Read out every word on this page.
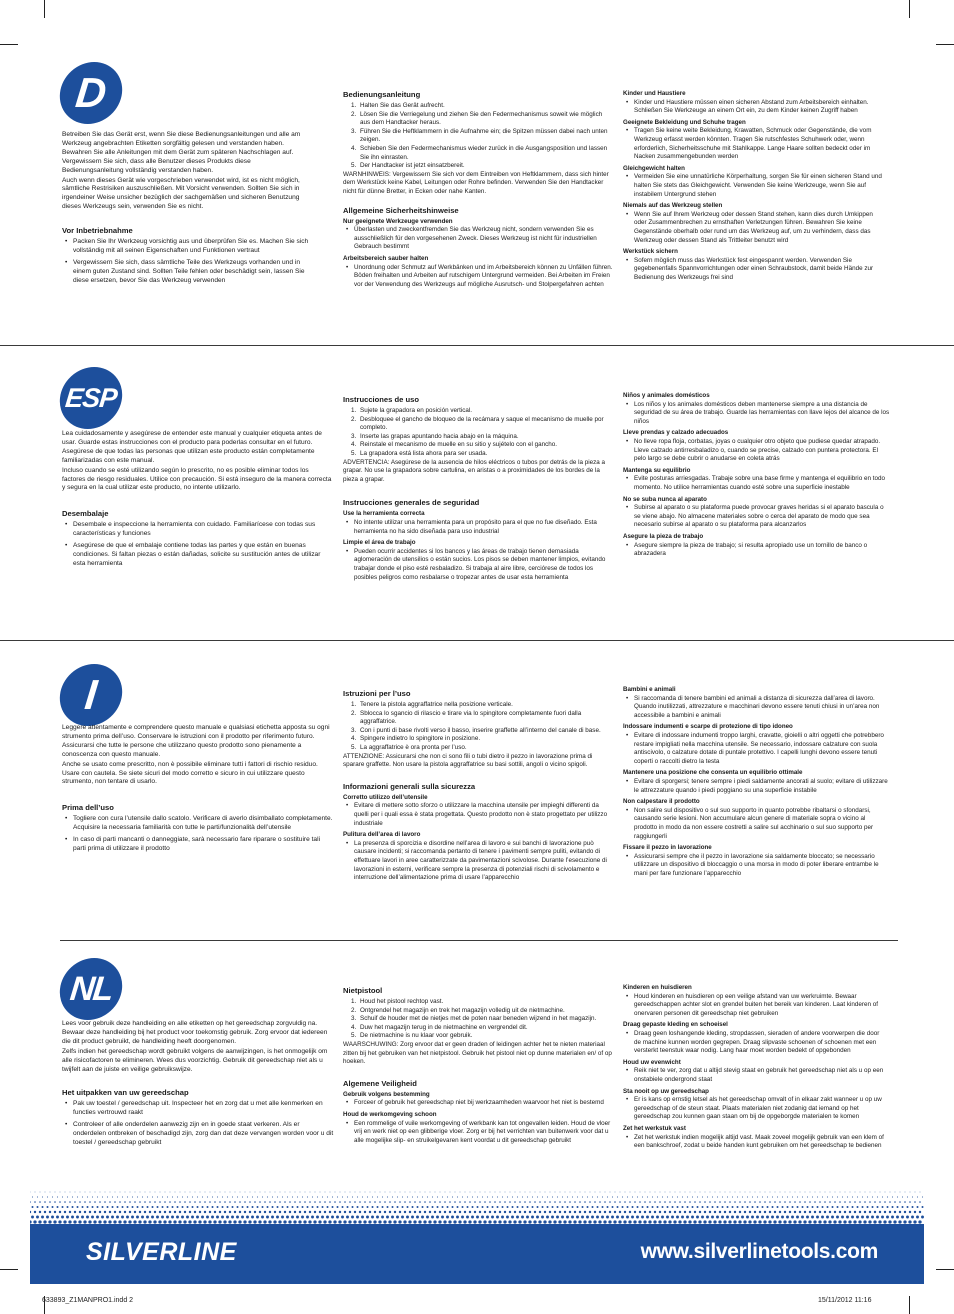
D

Betreiben Sie das Gerät erst, wenn Sie diese Bedienungsanleitungen und alle am Werkzeug angebrachten Etiketten sorgfältig gelesen und verstanden haben. Bewahren Sie alle Anleitungen mit dem Gerät zum späteren Nachschlagen auf. Vergewissern Sie sich, dass alle Benutzer dieses Produkts diese Bedienungsanleitung vollständig verstanden haben.

Auch wenn dieses Gerät wie vorgeschrieben verwendet wird, ist es nicht möglich, sämtliche Restrisiken auszuschließen. Mit Vorsicht verwenden. Sollten Sie sich in irgendeiner Weise unsicher bezüglich der sachgemäßen und sicheren Benutzung dieses Werkzeugs sein, verwenden Sie es nicht.

Vor Inbetriebnahme
• Packen Sie Ihr Werkzeug vorsichtig aus und überprüfen Sie es. Machen Sie sich vollständig mit all seinen Eigenschaften und Funktionen vertraut
• Vergewissern Sie sich, dass sämtliche Teile des Werkzeugs vorhanden und in einem guten Zustand sind. Sollten Teile fehlen oder beschädigt sein, lassen Sie diese ersetzen, bevor Sie das Werkzeug verwenden
Bedienungsanleitung
1. Halten Sie das Gerät aufrecht.
2. Lösen Sie die Verriegelung und ziehen Sie den Federmechanismus soweit wie möglich aus dem Handtacker heraus.
3. Führen Sie die Heftklammern in die Aufnahme ein; die Spitzen müssen dabei nach unten zeigen.
4. Schieben Sie den Federmechanismus wieder zurück in die Ausgangsposition und lassen Sie ihn einrasten.
5. Der Handtacker ist jetzt einsatzbereit.

WARNHINWEIS: Vergewissern Sie sich vor dem Eintreiben von Heftklammern, dass sich hinter dem Werkstück keine Kabel, Leitungen oder Rohre befinden. Verwenden Sie den Handtacker nicht für dünne Bretter, in Ecken oder nahe Kanten.

Allgemeine Sicherheitshinweise
Nur geeignete Werkzeuge verwenden
• Überlasten und zweckentfremden Sie das Werkzeug nicht, sondern verwenden Sie es ausschließlich für den vorgesehenen Zweck. Dieses Werkzeug ist nicht für industriellen Gebrauch bestimmt
Arbeitsbereich sauber halten
• Unordnung oder Schmutz auf Werkbänken und im Arbeitsbereich können zu Unfällen führen. Böden freihalten und Arbeiten auf rutschigem Untergrund vermeiden. Bei Arbeiten im Freien vor der Verwendung des Werkzeugs auf mögliche Ausrutsch- und Stolpergefahren achten
Kinder und Haustiere
• Kinder und Haustiere müssen einen sicheren Abstand zum Arbeitsbereich einhalten. Schließen Sie Werkzeuge an einem Ort ein, zu dem Kinder keinen Zugriff haben
Geeignete Bekleidung und Schuhe tragen
• Tragen Sie keine weite Bekleidung, Krawatten, Schmuck oder Gegenstände, die vom Werkzeug erfasst werden könnten. Tragen Sie rutschfestes Schuhwerk oder, wenn erforderlich, Sicherheitsschuhe mit Stahlkappe. Lange Haare sollten bedeckt oder im Nacken zusammengebunden werden
Gleichgewicht halten
• Vermeiden Sie eine unnatürliche Körperhaltung, sorgen Sie für einen sicheren Stand und halten Sie stets das Gleichgewicht. Verwenden Sie keine Werkzeuge, wenn Sie auf instabilem Untergrund stehen
Niemals auf das Werkzeug stellen
• Wenn Sie auf Ihrem Werkzeug oder dessen Stand stehen, kann dies durch Umkippen oder Zusammenbrechen zu ernsthaften Verletzungen führen. Bewahren Sie keine Gegenstände oberhalb oder rund um das Werkzeug auf, um zu verhindern, dass das Werkzeug oder dessen Stand als Trittleiter benutzt wird
Werkstück sichern
• Sofern möglich muss das Werkstück fest eingespannt werden. Verwenden Sie gegebenenfalls Spannvorrichtungen oder einen Schraubstock, damit beide Hände zur Bedienung des Werkzeugs frei sind
ESP

Lea cuidadosamente y asegúrese de entender este manual y cualquier etiqueta antes de usar. Guarde estas instrucciones con el producto para poderlas consultar en el futuro. Asegúrese de que todas las personas que utilizan este producto están completamente familiarizadas con este manual.

Incluso cuando se esté utilizando según lo prescrito, no es posible eliminar todos los factores de riesgo residuales. Utilice con precaución. Si está inseguro de la manera correcta y segura en la cual utilizar este producto, no intente utilizarlo.

Desembalaje
• Desembale e inspeccione la herramienta con cuidado. Familiarícese con todas sus características y funciones
• Asegúrese de que el embalaje contiene todas las partes y que están en buenas condiciones. Si faltan piezas o están dañadas, solicite su sustitución antes de utilizar esta herramienta
Instrucciones de uso
1. Sujete la grapadora en posición vertical.
2. Desbloquee el gancho de bloqueo de la recámara y saque el mecanismo de muelle por completo.
3. Inserte las grapas apuntando hacia abajo en la máquina.
4. Reinstale el mecanismo de muelle en su sitio y sujételo con el gancho.
5. La grapadora está lista ahora para ser usada.

ADVERTENCIA: Asegúrese de la ausencia de hilos eléctricos o tubos por detrás de la pieza a grapar. No use la grapadora sobre cartulina, en aristas o a proximidades de los bordes de la pieza a grapar.

Instrucciones generales de seguridad
Use la herramienta correcta
• No intente utilizar una herramienta para un propósito para el que no fue diseñado. Esta herramienta no ha sido diseñada para uso industrial
Limpie el área de trabajo
• Pueden ocurrir accidentes si los bancos y las áreas de trabajo tienen demasiada aglomeración de utensilios o están sucios. Los pisos se deben mantener limpios, evitando trabajar donde el piso esté resbaladizo. Si trabaja al aire libre, cerciórese de todos los posibles peligros como resbalarse o tropezar antes de usar esta herramienta
Niños y animales domésticos
• Los niños y los animales domésticos deben mantenerse siempre a una distancia de seguridad de su área de trabajo. Guarde las herramientas con llave lejos del alcance de los niños
Lleve prendas y calzado adecuados
• No lleve ropa floja, corbatas, joyas o cualquier otro objeto que pudiese quedar atrapado. Lleve calzado antirresbaladizo o, cuando se precise, calzado con puntera protectora. El pelo largo se debe cubrir o anudarse en coleta atrás
Mantenga su equilibrio
• Evite posturas arriesgadas. Trabaje sobre una base firme y mantenga el equilibrio en todo momento. No utilice herramientas cuando esté sobre una superficie inestable
No se suba nunca al aparato
• Subirse al aparato o su plataforma puede provocar graves heridas si el aparato bascula o se viene abajo. No almacene materiales sobre o cerca del aparato de modo que sea necesario subirse al aparato o su plataforma para alcanzarlos
Asegure la pieza de trabajo
• Asegure siempre la pieza de trabajo; si resulta apropiado use un tornillo de banco o abrazadera
I

Leggere attentamente e comprendere questo manuale e qualsiasi etichetta apposta su ogni strumento prima dell’uso. Conservare le istruzioni con il prodotto per riferimento futuro. Assicurarsi che tutte le persone che utilizzano questo prodotto sono pienamente a conoscenza con questo manuale.

Anche se usato come prescritto, non è possibile eliminare tutti i fattori di rischio residuo. Usare con cautela. Se siete sicuri del modo corretto e sicuro in cui utilizzare questo strumento, non tentare di usarlo.

Prima dell’uso
• Togliere con cura l’utensile dallo scatolo. Verificare di averlo disimballato completamente. Acquisire la necessaria familiarità con tutte le parti/funzionalità dell’utensile
• In caso di parti mancanti o danneggiate, sarà necessario fare riparare o sostituire tali parti prima di utilizzare il prodotto
Istruzioni per l’uso
1. Tenere la pistola aggraffatrice nella posizione verticale.
2. Sblocca lo sgancio di rilascio e tirare via lo spingitore completamente fuori dalla aggraffatrice.
3. Con i punti di base rivolti verso il basso, inserire graffette all’interno del canale di base.
4. Spingere indietro lo spingitore in posizione.
5. La aggraffatrice è ora pronta per l’uso.

ATTENZIONE: Assicurarsi che non ci sono fili o tubi dietro il pezzo in lavorazione prima di sparare graffette. Non usare la pistola aggraffatrice su basi sottili, angoli o vicino spigoli.

Informazioni generali sulla sicurezza
Corretto utilizzo dell’utensile
• Evitare di mettere sotto sforzo o utilizzare la macchina utensile per impieghi differenti da quelli per i quali essa è stata progettata. Questo prodotto non è stato progettato per utilizzo industriale
Pulitura dell’area di lavoro
• La presenza di sporcizia e disordine nell’area di lavoro e sui banchi di lavorazione può causare incidenti; si raccomanda pertanto di tenere i pavimenti sempre puliti, evitando di effettuare lavori in aree caratterizzate da pavimentazioni scivolose. Durante l’esecuzione di lavorazioni in esterni, verificare sempre la presenza di potenziali rischi di scivolamento e interruzione dell’alimentazione prima di usare l’apparecchio
Bambini e animali
• Si raccomanda di tenere bambini ed animali a distanza di sicurezza dall’area di lavoro. Quando inutilizzati, attrezzature e macchinari devono essere tenuti chiusi in un’area non accessibile a bambini e animali
Indossare indumenti e scarpe di protezione di tipo idoneo
• Evitare di indossare indumenti troppo larghi, cravatte, gioielli o altri oggetti che potrebbero restare impigliati nella macchina utensile. Se necessario, indossare calzature con suola antiscivolo, o calzature dotate di puntale protettivo. I capelli lunghi devono essere tenuti coperti o raccolti dietro la testa
Mantenere una posizione che consenta un equilibrio ottimale
• Evitare di sporgersi; tenere sempre i piedi saldamente ancorati al suolo; evitare di utilizzare le attrezzature quando i piedi poggiano su una superficie instabile
Non calpestare il prodotto
• Non salire sul dispositivo o sul suo supporto in quanto potrebbe ribaltarsi o sfondarsi, causando serie lesioni. Non accumulare alcun genere di materiale sopra o vicino al prodotto in modo da non essere costretti a salire sul acchinario o sul suo supporto per raggiungerli
Fissare il pezzo in lavorazione
• Assicurarsi sempre che il pezzo in lavorazione sia saldamente bloccato; se necessario utilizzare un dispositivo di bloccaggio o una morsa in modo di poter liberare entrambe le mani per fare funzionare l’apparecchio
NL

Lees voor gebruik deze handleiding en alle etiketten op het gereedschap zorgvuldig na. Bewaar deze handleiding bij het product voor toekomstig gebruik. Zorg ervoor dat iedereen die dit product gebruikt, de handleiding heeft doorgenomen.

Zelfs indien het gereedschap wordt gebruikt volgens de aanwijzingen, is het onmogelijk om alle risicofactoren te elimineren. Wees dus voorzichtig. Gebruik dit gereedschap niet als u twijfelt aan de juiste en veilige gebruikswijze.

Het uitpakken van uw gereedschap
• Pak uw toestel / gereedschap uit. Inspecteer het en zorg dat u met alle kenmerken en functies vertrouwd raakt
• Controleer of alle onderdelen aanwezig zijn en in goede staat verkeren. Als er onderdelen ontbreken of beschadigd zijn, zorg dan dat deze vervangen worden voor u dit toestel / gereedschap gebruikt
Nietpistool
1. Houd het pistool rechtop vast.
2. Ontgrendel het magazijn en trek het magazijn volledig uit de nietmachine.
3. Schuif de houder met de nietjes met de poten naar beneden wijzend in het magazijn.
4. Duw het magazijn terug in de nietmachine en vergrendel dit.
5. De nietmachine is nu klaar voor gebruik.

WAARSCHUWING: Zorg ervoor dat er geen draden of leidingen achter het te nieten materiaal zitten bij het gebruiken van het nietpistool. Gebruik het pistool niet op dunne materialen en/ of op hoeken.

Algemene Veiligheid
Gebruik volgens bestemming
• Forceer of gebruik het gereedschap niet bij werkzaamheden waarvoor het niet is bestemd
Houd de werkomgeving schoon
• Een rommelige of vuile werkomgeving of werkbank kan tot ongevallen leiden. Houd de vloer vrij en werk niet op een glibberige vloer. Zorg er bij het verrichten van buitenwerk voor dat u alle mogelijke slip- en struikelgevaren kent voordat u dit gereedschap gebruikt
Kinderen en huisdieren
• Houd kinderen en huisdieren op een veilige afstand van uw werkruimte. Bewaar gereedschappen achter slot en grendel buiten het bereik van kinderen. Laat kinderen of onervaren personen dit gereedschap niet gebruiken
Draag gepaste kleding en schoeisel
• Draag geen loshangende kleding, stropdassen, sieraden of andere voorwerpen die door de machine kunnen worden gegrepen. Draag slipvaste schoenen of schoenen met een versterkt teenstuk waar nodig. Lang haar moet worden bedekt of opgebonden
Houd uw evenwicht
• Reik niet te ver, zorg dat u altijd stevig staat en gebruik het gereedschap niet als u op een onstabiele ondergrond staat
Sta nooit op uw gereedschap
• Er is kans op ernstig letsel als het gereedschap omvalt of in elkaar zakt wanneer u op uw gereedschap of de steun staat. Plaats materialen niet zodanig dat iemand op het gereedschap zou kunnen gaan staan om bij de opgeborgde materialen te komen
Zet het werkstuk vast
• Zet het werkstuk indien mogelijk altijd vast. Maak zoveel mogelijk gebruik van een klem of een bankschroef, zodat u beide handen kunt gebruiken om het gereedschap te bedienen
SILVERLINE	www.silverlinetools.com
633893_Z1MANPRO1.indd 2	15/11/2012 11:16
